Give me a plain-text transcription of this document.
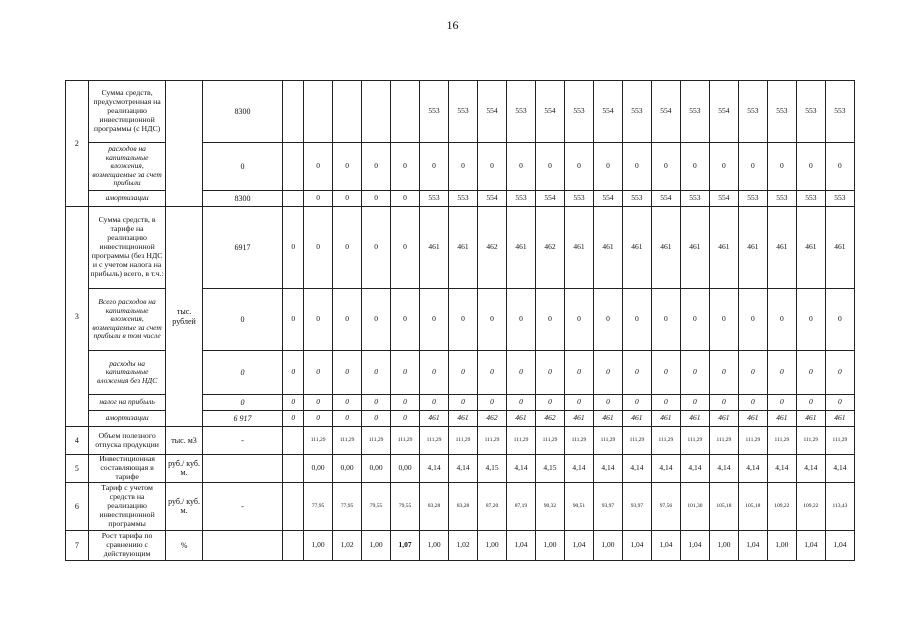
16
2	Сумма средств, предусмотренная на реализацию инвестиционной программы (с НДС)		8300						553	553	554	553	554	553	554	553	554	553	554	553	553	553	553
	расходов на капитальные вложения, возмещаемые за счет прибыли		0		0	0	0	0	0	0	0	0	0	0	0	0	0	0	0	0	0	0	0
	амортизации		8300		0	0	0	0	553	553	554	553	554	553	554	553	554	553	554	553	553	553	553
3	Сумма средств, в тарифе на реализацию инвестиционной программы (без НДС и с учетом налога на прибыль) всего, в т.ч.:	тыс. рублей	6917	0	0	0	0	0	461	461	462	461	462	461	461	461	461	461	461	461	461	461	461
	Всего расходов на капитальные вложения, возмещаемые за счет прибыли в том числе		0	0	0	0	0	0	0	0	0	0	0	0	0	0	0	0	0	0	0	0	0
	расходы на капитальные вложения без НДС		0	0	0	0	0	0	0	0	0	0	0	0	0	0	0	0	0	0	0	0	0
	налог на прибыль		0	0	0	0	0	0	0	0	0	0	0	0	0	0	0	0	0	0	0	0	0
	амортизации		6 917	0	0	0	0	0	461	461	462	461	462	461	461	461	461	461	461	461	461	461	461
4	Объем полезного отпуска продукции	тыс. м3	-		111,29	111,29	111,29	111,29	111,29	111,29	111,29	111,29	111,29	111,29	111,29	111,29	111,29	111,29	111,29	111,29	111,29	111,29	111,29
5	Инвестиционная составляющая в тарифе	руб./ куб. м.			0,00	0,00	0,00	0,00	4,14	4,14	4,15	4,14	4,15	4,14	4,14	4,14	4,14	4,14	4,14	4,14	4,14	4,14	4,14
6	Тариф с учетом средств на реализацию инвестиционной программы	руб./ куб. м.	-		77,95	77,95	79,55	79,55	83,28	83,28	87,20	87,19	90,32	90,51	93,97	93,97	97,56	101,30	105,18	105,18	109,22	109,22	113,43
7	Рост тарифа по сравнению с действующим	%			1,00	1,02	1,00	1,07	1,00	1,02	1,00	1,04	1,00	1,04	1,00	1,04	1,04	1,04	1,00	1,04	1,00	1,04	1,04
